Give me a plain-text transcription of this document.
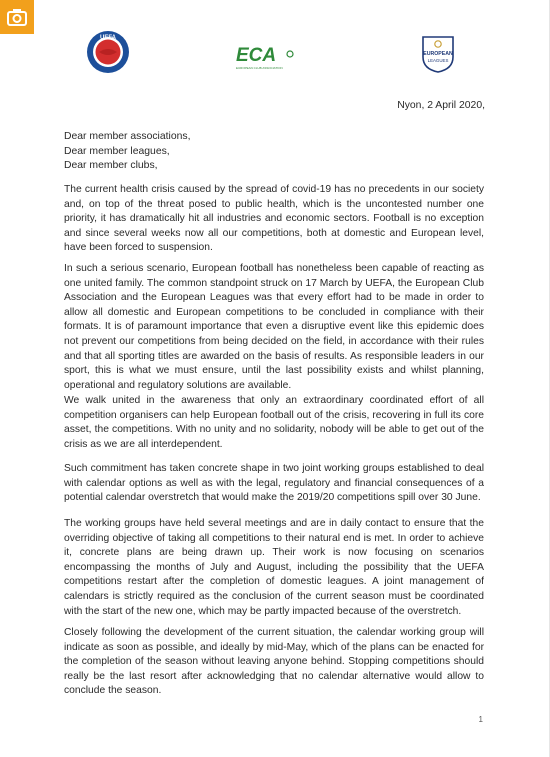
UEFA
ECA
EUROPEAN CLUB ASSOCIATION
EUROPEAN
LEAGUES
Nyon, 2 April 2020,
Dear member associations,
Dear member leagues,
Dear member clubs,

The current health crisis caused by the spread of covid-19 has no precedents in our society and, on top of the threat posed to public health, which is the uncontested number one priority, it has dramatically hit all industries and economic sectors. Football is no exception and since several weeks now all our competitions, both at domestic and European level, have been forced to suspension.

In such a serious scenario, European football has nonetheless been capable of reacting as one united family. The common standpoint struck on 17 March by UEFA, the European Club Association and the European Leagues was that every effort had to be made in order to allow all domestic and European competitions to be concluded in compliance with their formats. It is of paramount importance that even a disruptive event like this epidemic does not prevent our competitions from being decided on the field, in accordance with their rules and that all sporting titles are awarded on the basis of results. As responsible leaders in our sport, this is what we must ensure, until the last possibility exists and whilst planning, operational and regulatory solutions are available.

We walk united in the awareness that only an extraordinary coordinated effort of all competition organisers can help European football out of the crisis, recovering in full its core asset, the competitions. With no unity and no solidarity, nobody will be able to get out of the crisis as we are all interdependent.

Such commitment has taken concrete shape in two joint working groups established to deal with calendar options as well as with the legal, regulatory and financial consequences of a potential calendar overstretch that would make the 2019/20 competitions spill over 30 June.

The working groups have held several meetings and are in daily contact to ensure that the overriding objective of taking all competitions to their natural end is met. In order to achieve it, concrete plans are being drawn up. Their work is now focusing on scenarios encompassing the months of July and August, including the possibility that the UEFA competitions restart after the completion of domestic leagues. A joint management of calendars is strictly required as the conclusion of the current season must be coordinated with the start of the new one, which may be partly impacted because of the overstretch.

Closely following the development of the current situation, the calendar working group will indicate as soon as possible, and ideally by mid-May, which of the plans can be enacted for the completion of the season without leaving anyone behind. Stopping competitions should really be the last resort after acknowledging that no calendar alternative would allow to conclude the season.

1
